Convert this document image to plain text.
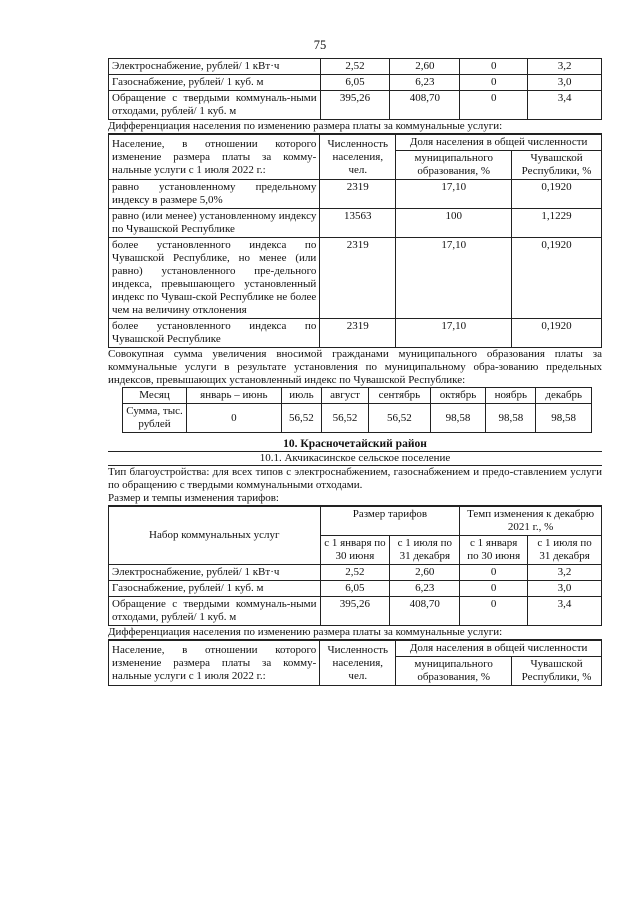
75
Электроснабжение, рублей/ 1 кВт·ч	2,52	2,60	0	3,2
Газоснабжение, рублей/ 1 куб. м	6,05	6,23	0	3,0
Обращение с твердыми коммуналь-ными отходами, рублей/ 1 куб. м	395,26	408,70	0	3,4
Дифференциация населения по изменению размера платы за коммунальные услуги:
Население, в отношении которого изменение размера платы за комму-нальные услуги с 1 июля 2022 г.:	Численность населения, чел.	Доля населения в общей численности	
		муниципального образования, %	Чувашской Республики, %
равно установленному предельному индексу в размере 5,0%	2319	17,10	0,1920
равно (или менее) установленному индексу по Чувашской Республике	13563	100	1,1229
более установленного индекса по Чувашской Республике, но менее (или равно) установленного пре-дельного индекса, превышающего установленный индекс по Чуваш-ской Республике не более чем на величину отклонения	2319	17,10	0,1920
более установленного индекса по Чувашской Республике	2319	17,10	0,1920
Совокупная сумма увеличения вносимой гражданами муниципального образования платы за коммунальные услуги в результате установления по муниципальному обра-зованию предельных индексов, превышающих установленный индекс по Чувашской Республике:
Месяц	январь – июнь	июль	август	сентябрь	октябрь	ноябрь	декабрь
Сумма, тыс. рублей	0	56,52	56,52	56,52	98,58	98,58	98,58
10. Красночетайский район
10.1. Акчикасинское сельское поселение
Тип благоустройства: для всех типов с электроснабжением, газоснабжением и предо-ставлением услуги по обращению с твердыми коммунальными отходами.
Размер и темпы изменения тарифов:
Набор коммунальных услуг	Размер тарифов		Темп изменения к декабрю 2021 г., %	
	с 1 января по 30 июня	с 1 июля по 31 декабря	с 1 января по 30 июня	с 1 июля по 31 декабря
Электроснабжение, рублей/ 1 кВт·ч	2,52	2,60	0	3,2
Газоснабжение, рублей/ 1 куб. м	6,05	6,23	0	3,0
Обращение с твердыми коммуналь-ными отходами, рублей/ 1 куб. м	395,26	408,70	0	3,4
Дифференциация населения по изменению размера платы за коммунальные услуги:
Население, в отношении которого изменение размера платы за комму-нальные услуги с 1 июля 2022 г.:	Численность населения, чел.	Доля населения в общей численности	
		муниципального образования, %	Чувашской Республики, %
